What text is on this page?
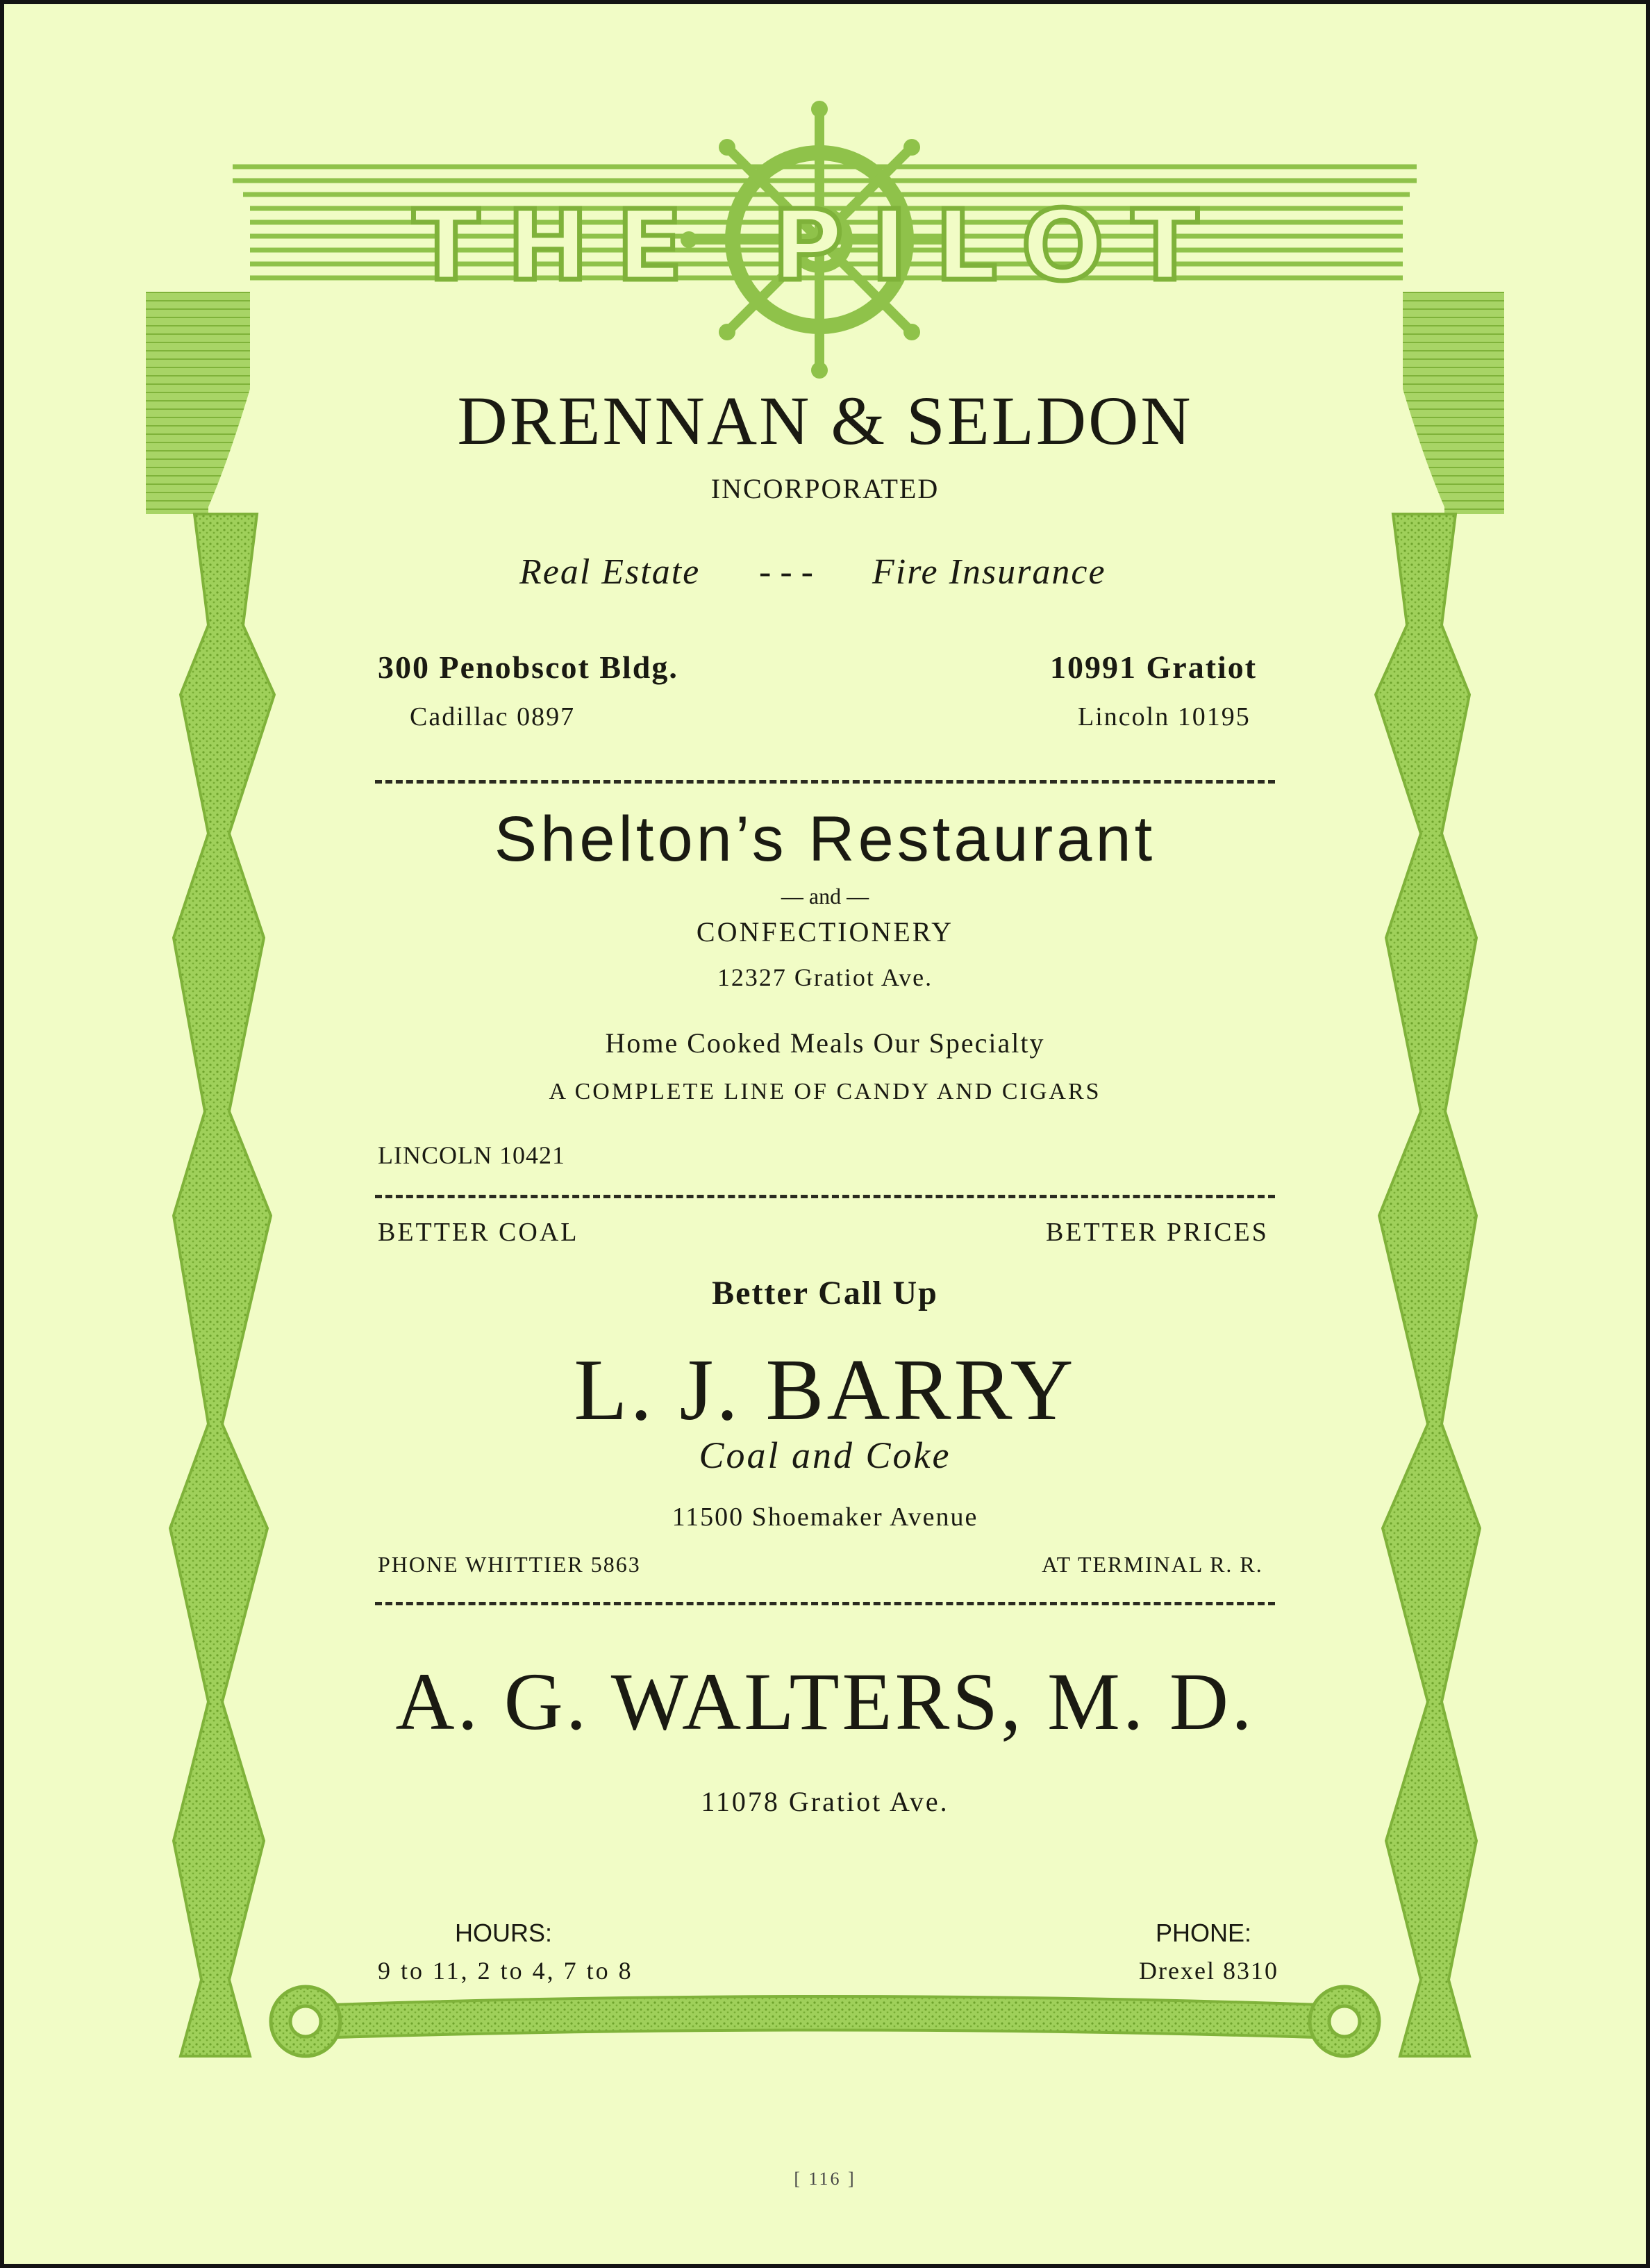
THE PILOT
DRENNAN & SELDON
INCORPORATED
Real Estate - - - Fire Insurance
300 Penobscot Bldg.
Cadillac 0897
10991 Gratiot
Lincoln 10195
Shelton’s Restaurant
— and —
CONFECTIONERY
12327 Gratiot Ave.
Home Cooked Meals Our Specialty
A COMPLETE LINE OF CANDY AND CIGARS
LINCOLN 10421
BETTER COAL	BETTER PRICES
Better Call Up
L. J. BARRY
Coal and Coke
11500 Shoemaker Avenue
PHONE WHITTIER 5863	AT TERMINAL R. R.
A. G. WALTERS, M. D.
11078 Gratiot Ave.
HOURS:
9 to 11, 2 to 4, 7 to 8
PHONE:
Drexel 8310
[ 116 ]
